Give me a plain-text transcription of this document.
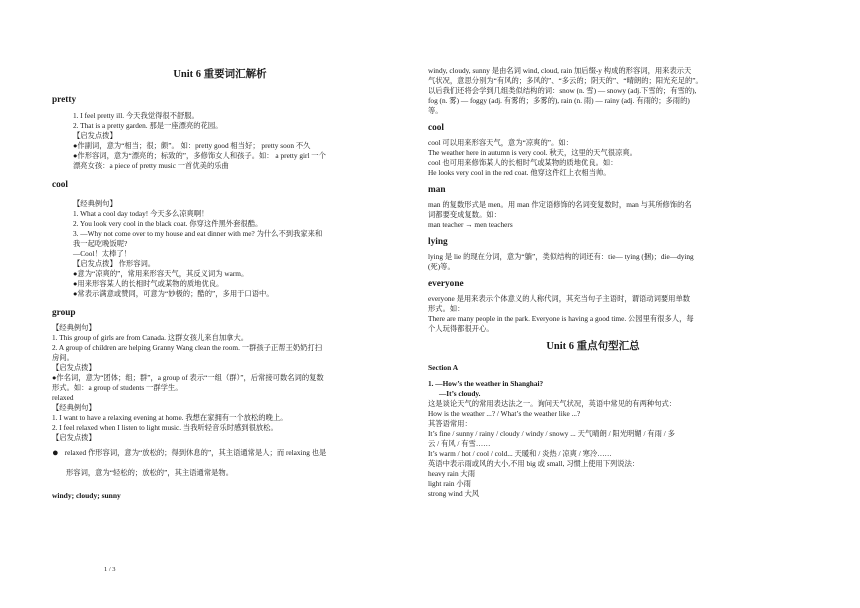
Unit 6 重要词汇解析

pretty

1. I feel pretty ill. 今天我觉得很不舒服。

2. That is a pretty garden. 那是一座漂亮的花园。

【启发点拨】

●作副词，意为“相当；很；颇”。 如：pretty good 相当好； pretty soon 不久

●作形容词，意为“漂亮的；标致的”，多修饰女人和孩子。如： a pretty girl 一个

漂亮女孩：a piece of pretty music 一首优美的乐曲

cool

【经典例句】

1. What a cool day today! 今天多么凉爽啊！

2. You look very cool in the black coat. 你穿这件黑外套很酷。

3. —Why not come over to my house and eat dinner with me? 为什么不到我家来和

我一起吃晚饭呢?

—Cool！太棒了！

【启发点拨】 作形容词。

●意为“凉爽的”，常用来形容天气，其反义词为 warm。

●用来形容某人的长相时气或某物的质地优良。

●常表示满意或赞同，可意为“妙极的；酷的”，多用于口语中。

group

【经典例句】

1. This group of girls are from Canada. 这群女孩儿来自加拿大。

2. A group of children are helping Granny Wang clean the room. 一群孩子正帮王奶奶打扫

房间。

【启发点拨】

●作名词，意为“团体；组；群”，a group of 表示“一组（群）”，后常接可数名词的复数

形式。如：a group of students 一群学生。

relaxed

【经典例句】

1. I want to have a relaxing evening at home. 我想在家拥有一个放松的晚上。

2. I feel relaxed when I listen to light music. 当我听轻音乐时感到很放松。

【启发点拨】

● relaxed 作形容词，意为“放松的；得到休息的”，其主语通常是人；而 relaxing 也是

形容词，意为“轻松的；放松的”，其主语通常是物。

windy; cloudy; sunny

1 / 3

windy, cloudy, sunny 是由名词 wind, cloud, rain 加后缀-y 构成的形容词，用来表示天

气状况，意思分别为“有风的；多风的”、“多云的；阴天的”、“晴朗的；阳光充足的”。

以后我们还将会学到几组类似结构的词：snow (n. 雪) — snowy (adj.下雪的；有雪的),

fog (n. 雾) — foggy (adj. 有雾的；多雾的), rain (n. 雨) — rainy (adj. 有雨的；多雨的)

等。

cool

cool 可以用来形容天气，意为“凉爽的”。如：

The weather here in autumn is very cool. 秋天，这里的天气很凉爽。

cool 也可用来修饰某人的长相时气或某物的质地优良。如：

He looks very cool in the red coat. 他穿这件红上衣相当帅。

man

man 的复数形式是 men。用 man 作定语修饰的名词变复数时，man 与其所修饰的名

词都要变成复数。如：

man teacher → men teachers

lying

lying 是 lie 的现在分词，意为“躺”，类似结构的词还有：tie— tying (捆)；die—dying

(死)等。

everyone

everyone 是用来表示个体意义的人称代词，其充当句子主语时，谓语动词要用单数

形式。如：

There are many people in the park. Everyone is having a good time. 公园里有很多人，每

个人玩得都很开心。

Unit 6 重点句型汇总

Section A

1. —How’s the weather in Shanghai?

—It’s cloudy.

这是谈论天气的常用表达法之一。询问天气状况，英语中常见的有两种句式：

How is the weather ...? / What’s the weather like ...?

其答语常用：

It’s fine / sunny / rainy / cloudy / windy / snowy ... 天气晴朗 / 阳光明媚 / 有雨 / 多

云 / 有风 / 有雪……

It’s warm / hot / cool / cold... 天暖和 / 炎热 / 凉爽 / 寒冷……

英语中表示雨或风的大小,不用 big 或 small, 习惯上使用下列说法：

heavy rain 大雨

light rain 小雨

strong wind 大风
